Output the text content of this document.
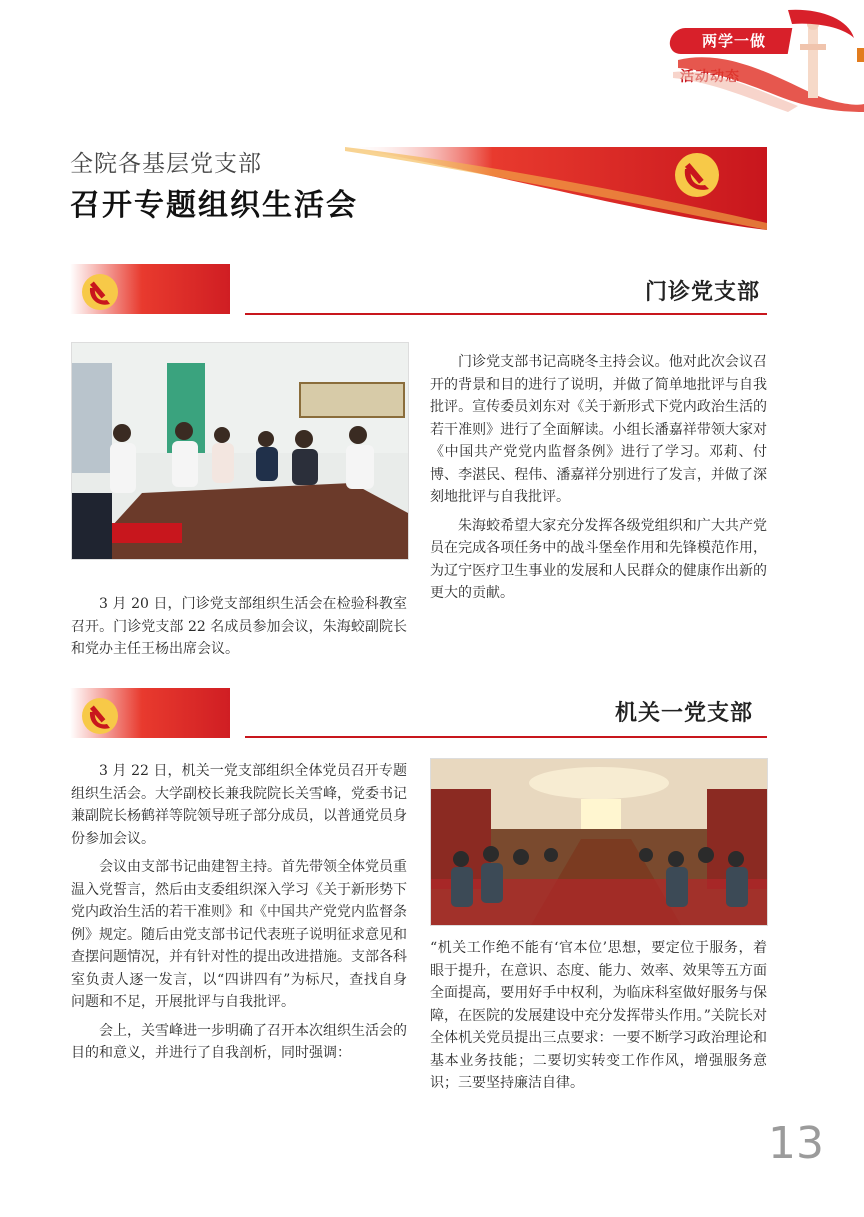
两学一做
全院各基层党支部
召开专题组织生活会
门诊党支部

3 月 20 日，门诊党支部组织生活会在检验科教室召开。门诊党支部 22 名成员参加会议，朱海蛟副院长和党办主任王杨出席会议。

门诊党支部书记高晓冬主持会议。他对此次会议召开的背景和目的进行了说明，并做了简单地批评与自我批评。宣传委员刘东对《关于新形式下党内政治生活的若干准则》进行了全面解读。小组长潘嘉祥带领大家对《中国共产党党内监督条例》进行了学习。邓莉、付博、李湛民、程伟、潘嘉祥分别进行了发言，并做了深刻地批评与自我批评。

朱海蛟希望大家充分发挥各级党组织和广大共产党员在完成各项任务中的战斗堡垒作用和先锋模范作用，为辽宁医疗卫生事业的发展和人民群众的健康作出新的更大的贡献。

机关一党支部

3 月 22 日，机关一党支部组织全体党员召开专题组织生活会。大学副校长兼我院院长关雪峰，党委书记兼副院长杨鹤祥等院领导班子部分成员，以普通党员身份参加会议。

会议由支部书记曲建智主持。首先带领全体党员重温入党誓言，然后由支委组织深入学习《关于新形势下党内政治生活的若干准则》和《中国共产党党内监督条例》规定。随后由党支部书记代表班子说明征求意见和查摆问题情况，并有针对性的提出改进措施。支部各科室负责人逐一发言，以“四讲四有”为标尺，查找自身问题和不足，开展批评与自我批评。

会上，关雪峰进一步明确了召开本次组织生活会的目的和意义，并进行了自我剖析，同时强调：

“机关工作绝不能有‘官本位’思想，要定位于服务，着眼于提升，在意识、态度、能力、效率、效果等五方面全面提高，要用好手中权利，为临床科室做好服务与保障，在医院的发展建设中充分发挥带头作用。”关院长对全体机关党员提出三点要求：一要不断学习政治理论和基本业务技能；二要切实转变工作作风，增强服务意识；三要坚持廉洁自律。

13
